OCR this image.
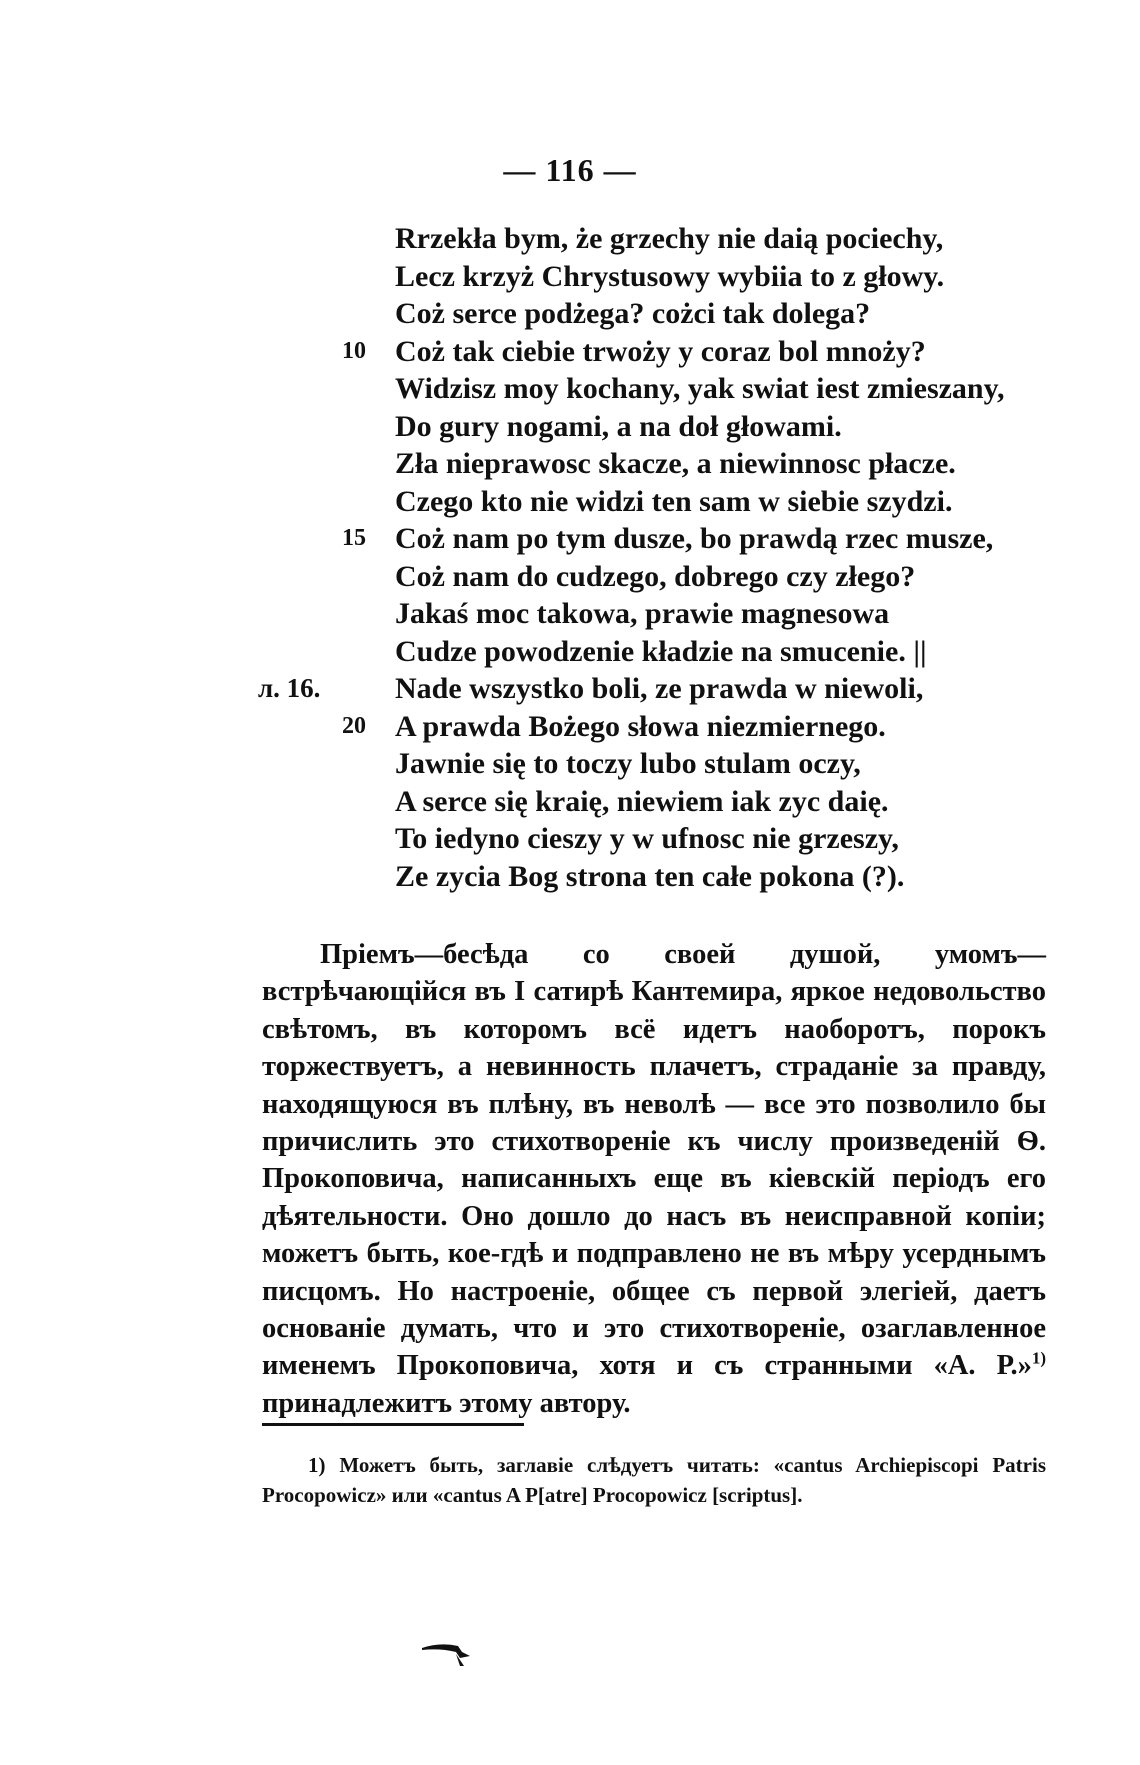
— 116 —
Rrzekła bym, że grzechy nie daią pociechy,
Lecz krzyż Chrystusowy wybiia to z głowy.
Coż serce podżega? cożci tak dolega?
10 Coż tak ciebie trwoży y coraz bol mnoży?
Widzisz moy kochany, yak swiat iest zmieszany,
Do gury nogami, a na doł głowami.
Zła nieprawosc skacze, a niewinnosc płacze.
Czego kto nie widzi ten sam w siebie szydzi.
15 Coż nam po tym dusze, bo prawdą rzec musze,
Coż nam do cudzego, dobrego czy złego?
Jakaś moc takowa, prawie magnesowa
Cudze powodzenie kładzie na smucenie. ||
л. 16. Nade wszystko boli, ze prawda w niewoli,
20 A prawda Bożego słowa niezmiernego.
Jawnie się to toczy lubo stulam oczy,
A serce się kraię, niewiem iak zyc daię.
To iedyno cieszy y w ufnosc nie grzeszy,
Ze zycia Bog strona ten całe pokona (?).

Пріемъ—бесѣда со своей душой, умомъ—встрѣчающійся въ I сатирѣ Кантемира, яркое недовольство свѣтомъ, въ которомъ всё идетъ наоборотъ, порокъ торжествуетъ, а невинность плачетъ, страданіе за правду, находящуюся въ плѣну, въ неволѣ — все это позволило бы причислить это стихотвореніе къ числу произведеній Ѳ. Прокоповича, написанныхъ еще въ кіевскій періодъ его дѣятельности. Оно дошло до насъ въ неисправной копіи; можетъ быть, кое-гдѣ и подправлено не въ мѣру усерднымъ писцомъ. Но настроеніе, общее съ первой элегіей, даетъ основаніе думать, что и это стихотвореніе, озаглавленное именемъ Прокоповича, хотя и съ странными «А. Р.»$^{1)}$ принадлежитъ этому автору.

1) Можетъ быть, заглавіе слѣдуетъ читать: «cantus Archiepiscopi Patris Procopowicz» или «cantus A P[atre] Procopowicz [scriptus].
